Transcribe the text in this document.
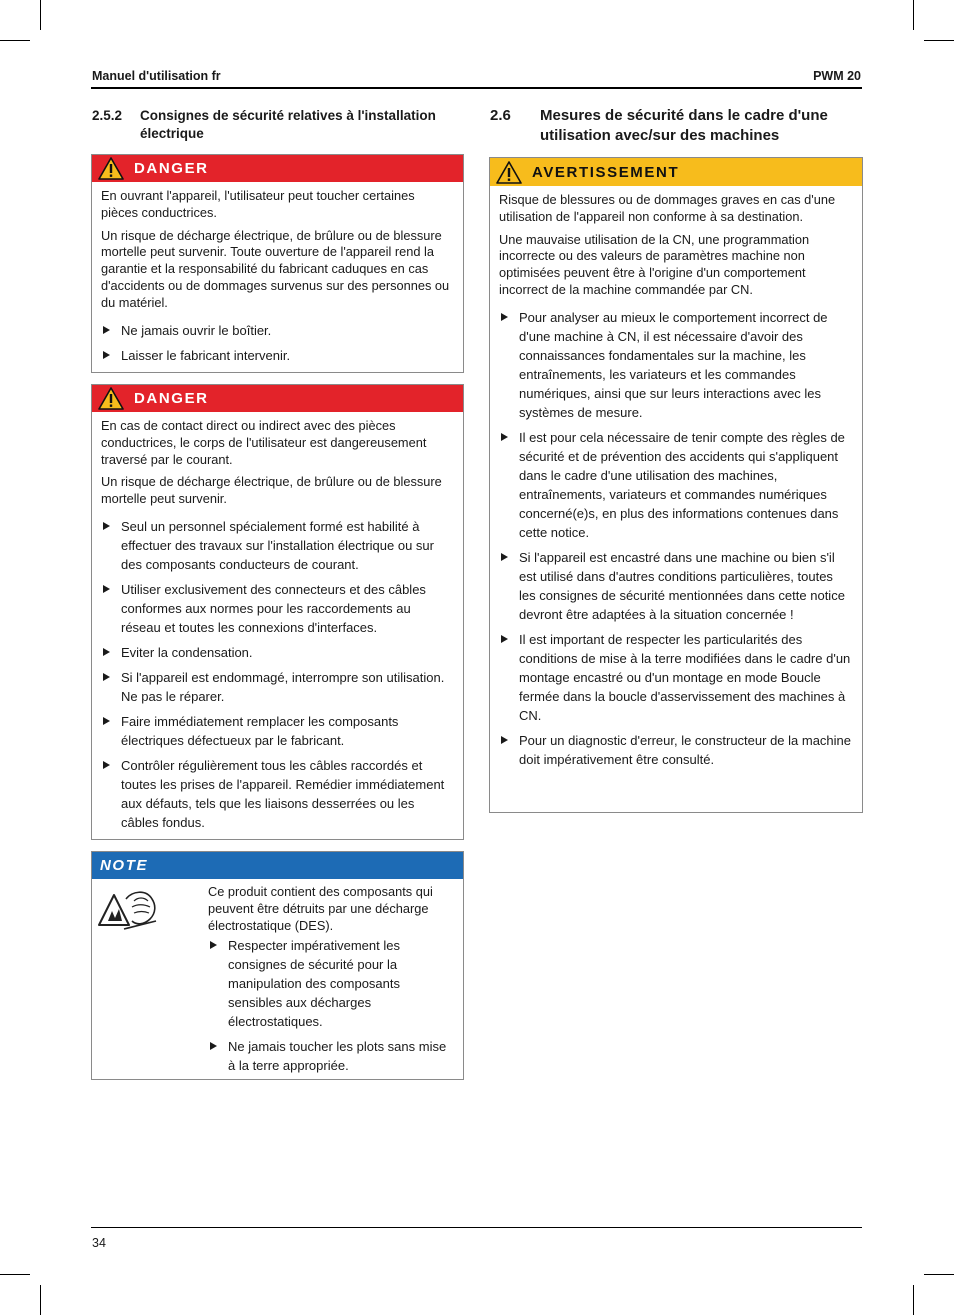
Manuel d'utilisation fr	PWM 20
2.5.2	Consignes de sécurité relatives à l'installation électrique
2.6	Mesures de sécurité dans le cadre d'une utilisation avec/sur des machines
DANGER

En ouvrant l'appareil, l'utilisateur peut toucher certaines pièces conductrices.

Un risque de décharge électrique, de brûlure ou de blessure mortelle peut survenir. Toute ouverture de l'appareil rend la garantie et la responsabilité du fabricant caduques en cas d'accidents ou de dommages survenus sur des personnes ou du matériel.

Ne jamais ouvrir le boîtier.
Laisser le fabricant intervenir.
DANGER

En cas de contact direct ou indirect avec des pièces conductrices, le corps de l'utilisateur est dangereusement traversé par le courant.

Un risque de décharge électrique, de brûlure ou de blessure mortelle peut survenir.

Seul un personnel spécialement formé est habilité à effectuer des travaux sur l'installation électrique ou sur des composants conducteurs de courant.
Utiliser exclusivement des connecteurs et des câbles conformes aux normes pour les raccordements au réseau et toutes les connexions d'interfaces.
Eviter la condensation.
Si l'appareil est endommagé, interrompre son utilisation. Ne pas le réparer.
Faire immédiatement remplacer les composants électriques défectueux par le fabricant.
Contrôler régulièrement tous les câbles raccordés et toutes les prises de l'appareil. Remédier immédiatement aux défauts, tels que les liaisons desserrées ou les câbles fondus.
NOTE

Ce produit contient des composants qui peuvent être détruits par une décharge électrostatique (DES).

Respecter impérativement les consignes de sécurité pour la manipulation des composants sensibles aux décharges électrostatiques.
Ne jamais toucher les plots sans mise à la terre appropriée.
AVERTISSEMENT

Risque de blessures ou de dommages graves en cas d'une utilisation de l'appareil non conforme à sa destination.

Une mauvaise utilisation de la CN, une programmation incorrecte ou des valeurs de paramètres machine non optimisées peuvent être à l'origine d'un comportement incorrect de la machine commandée par CN.

Pour analyser au mieux le comportement incorrect de d'une machine à CN, il est nécessaire d'avoir des connaissances fondamentales sur la machine, les entraînements, les variateurs et les commandes numériques, ainsi que sur leurs interactions avec les systèmes de mesure.
Il est pour cela nécessaire de tenir compte des règles de sécurité et de prévention des accidents qui s'appliquent dans le cadre d'une utilisation des machines, entraînements, variateurs et commandes numériques concerné(e)s, en plus des informations contenues dans cette notice.
Si l'appareil est encastré dans une machine ou bien s'il est utilisé dans d'autres conditions particulières, toutes les consignes de sécurité mentionnées dans cette notice devront être adaptées à la situation concernée !
Il est important de respecter les particularités des conditions de mise à la terre modifiées dans le cadre d'un montage encastré ou d'un montage en mode Boucle fermée dans la boucle d'asservissement des machines à CN.
Pour un diagnostic d'erreur, le constructeur de la machine doit impérativement être consulté.
34
